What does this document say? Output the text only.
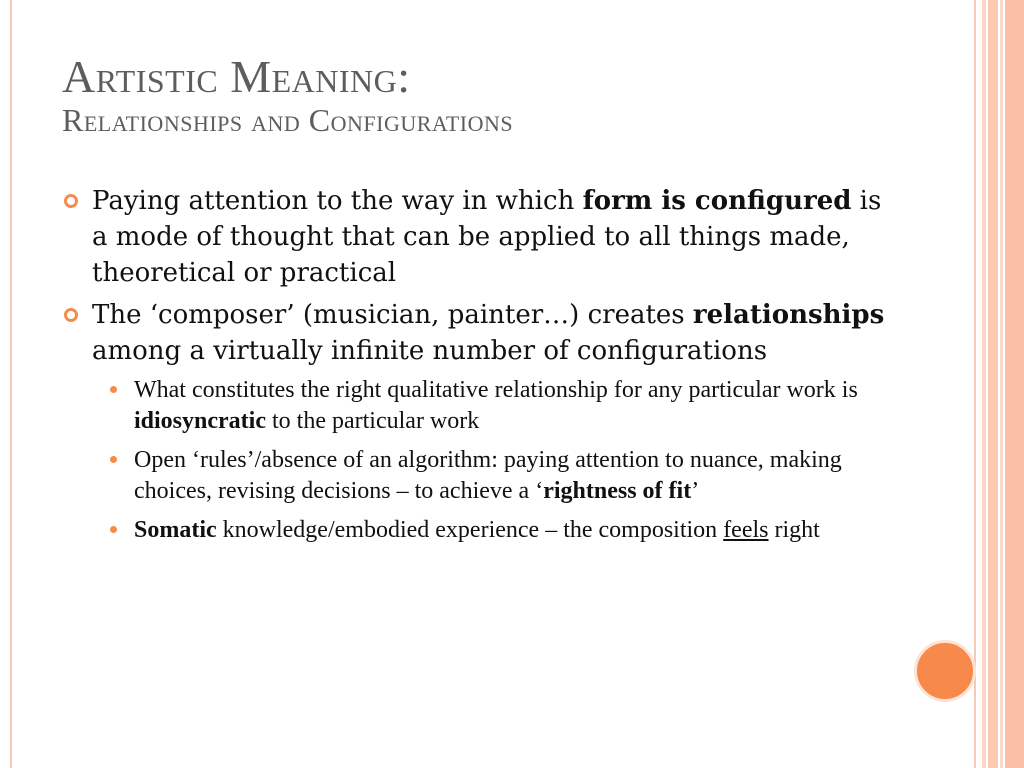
Artistic Meaning:
Relationships and Configurations
Paying attention to the way in which form is configured is a mode of thought that can be applied to all things made, theoretical or practical
The ‘composer’ (musician, painter…) creates relationships among a virtually infinite number of configurations
What constitutes the right qualitative relationship for any particular work is idiosyncratic to the particular work
Open ‘rules’/absence of an algorithm: paying attention to nuance, making choices, revising decisions – to achieve a ‘rightness of fit’
Somatic knowledge/embodied experience – the composition feels right
